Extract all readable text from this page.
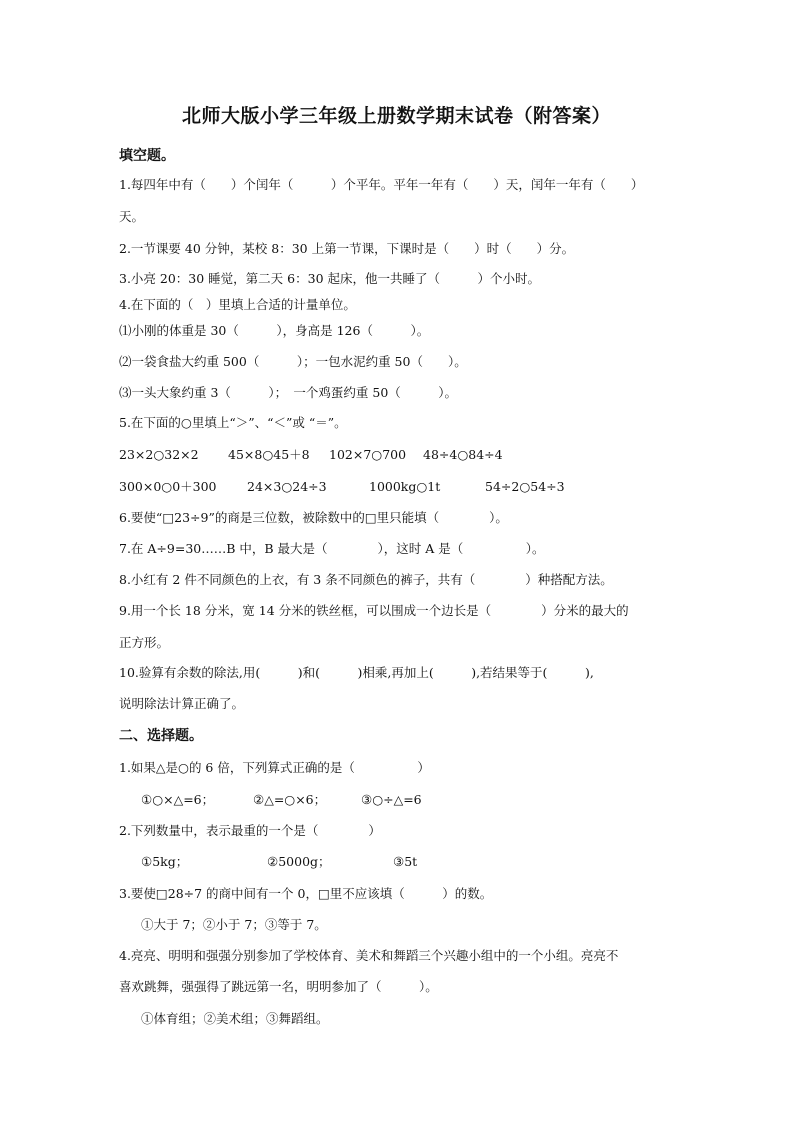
北师大版小学三年级上册数学期末试卷（附答案）
填空题。
1.每四年中有（　　）个闰年（　　　）个平年。平年一年有（　　）天，闰年一年有（　　）
天。
2.一节课要 40 分钟，某校 8：30 上第一节课，下课时是（　　）时（　　）分。
3.小亮 20：30 睡觉，第二天 6：30 起床，他一共睡了（　　　）个小时。
4.在下面的（　）里填上合适的计量单位。
⑴小刚的体重是 30（　　　），身高是 126（　　　）。
⑵一袋食盐大约重 500（　　　）；一包水泥约重 50（　　）。
⑶一头大象约重 3（　　　）；　一个鸡蛋约重 50（　　　）。
5.在下面的○里填上“＞”、“＜”或 “＝”。
23×2○32×2 45×8○45＋8 102×7○700 48÷4○84÷4
300×0○0＋300 24×3○24÷3	1000kg○1t	54÷2○54÷3
6.要使“□23÷9”的商是三位数，被除数中的□里只能填（　　　　）。
7.在 A÷9=30……B 中，B 最大是（　　　　），这时 A 是（　　　　　）。
8.小红有 2 件不同颜色的上衣，有 3 条不同颜色的裤子，共有（　　　　）种搭配方法。
9.用一个长 18 分米，宽 14 分米的铁丝框，可以围成一个边长是（　　　　）分米的最大的
正方形。
10.验算有余数的除法,用(　　　)和(　　　)相乘,再加上(　　　),若结果等于(　　　),
说明除法计算正确了。
二、选择题。
1.如果△是○的 6 倍，下列算式正确的是（　　　　　）
①○×△=6；	②△=○×6；	③○÷△=6
2.下列数量中，表示最重的一个是（　　　　）
①5kg；	②5000g；	③5t
3.要使□28÷7 的商中间有一个 0，□里不应该填（　　　）的数。
①大于 7；②小于 7；③等于 7。
4.亮亮、明明和强强分别参加了学校体育、美术和舞蹈三个兴趣小组中的一个小组。亮亮不
喜欢跳舞，强强得了跳远第一名，明明参加了（　　　）。
①体育组；②美术组；③舞蹈组。
